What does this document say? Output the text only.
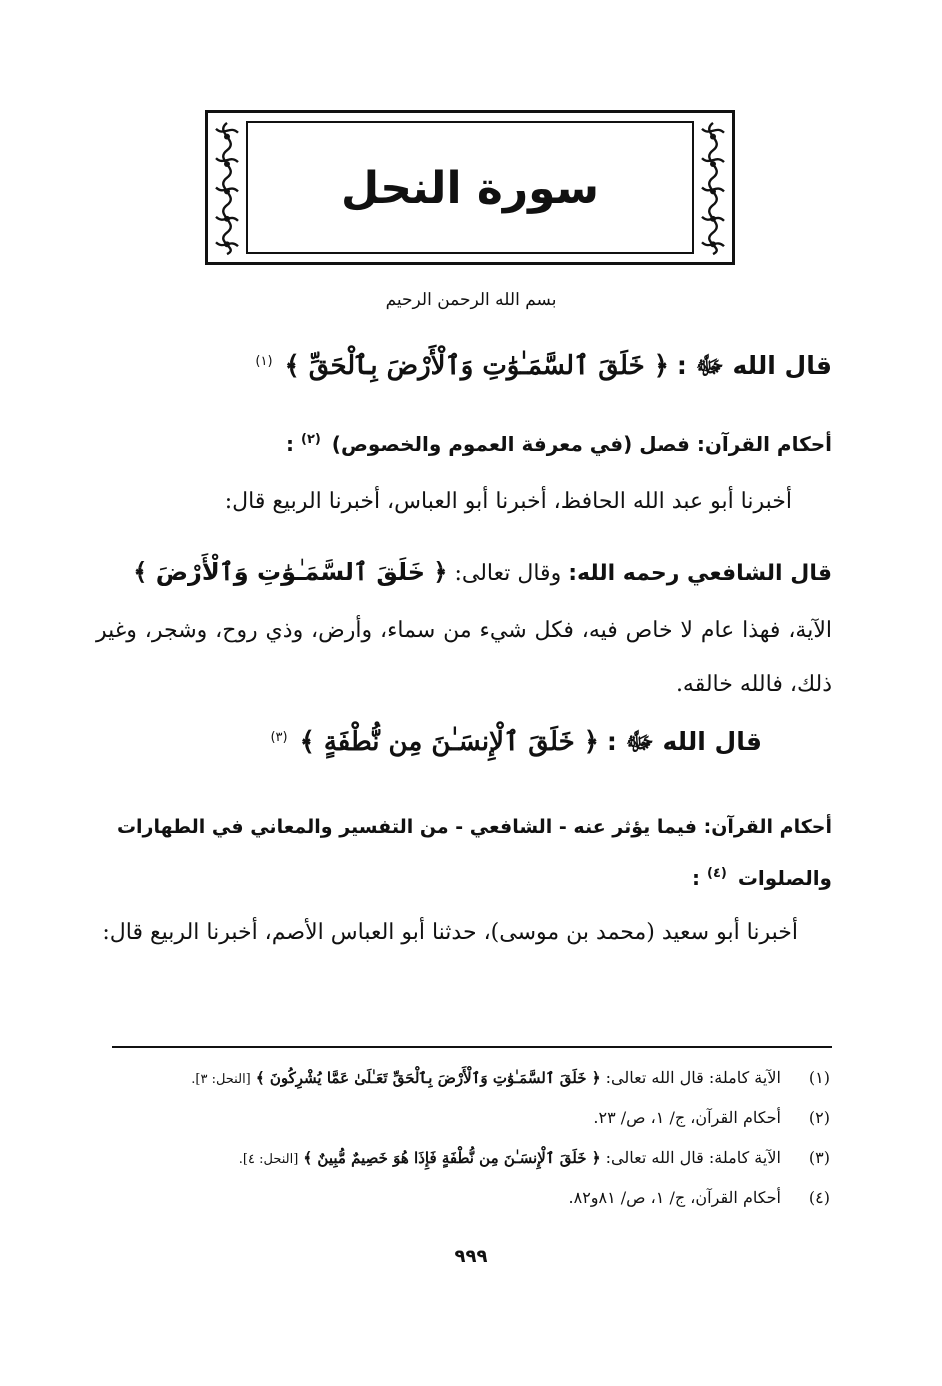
سورة النحل
بسم الله الرحمن الرحيم
قال الله ﷻ : ﴿ خَلَقَ ٱلسَّمَـٰوَٰتِ وَٱلْأَرْضَ بِٱلْحَقِّ ﴾ $^{(١)}$
أحكام القرآن: فصل (في معرفة العموم والخصوص) $^{(٢)}$ :
أخبرنا أبو عبد الله الحافظ، أخبرنا أبو العباس، أخبرنا الربيع قال:
قال الشافعي رحمه الله: وقال تعالى: ﴿ خَلَقَ ٱلسَّمَـٰوَٰتِ وَٱلْأَرْضَ ﴾
الآية، فهذا عام لا خاص فيه، فكل شيء من سماء، وأرض، وذي روح، وشجر، وغير ذلك، فالله خالقه.
قال الله ﷻ : ﴿ خَلَقَ ٱلْإِنسَـٰنَ مِن نُّطْفَةٍ ﴾ $^{(٣)}$
أحكام القرآن: فيما يؤثر عنه - الشافعي - من التفسير والمعاني في الطهارات
والصلوات $^{(٤)}$ :
أخبرنا أبو سعيد (محمد بن موسى)، حدثنا أبو العباس الأصم، أخبرنا الربيع قال:
(١) الآية كاملة: قال الله تعالى: ﴿ خَلَقَ ٱلسَّمَـٰوَٰتِ وَٱلْأَرْضَ بِٱلْحَقِّ تَعَـٰلَىٰ عَمَّا يُشْرِكُونَ ﴾ [النحل: ٣].
(٢) أحكام القرآن، ج/ ١، ص/ ٢٣.
(٣) الآية كاملة: قال الله تعالى: ﴿ خَلَقَ ٱلْإِنسَـٰنَ مِن نُّطْفَةٍ فَإِذَا هُوَ خَصِيمٌ مُّبِينٌ ﴾ [النحل: ٤].
(٤) أحكام القرآن، ج/ ١، ص/ ٨١و٨٢.
٩٩٩
